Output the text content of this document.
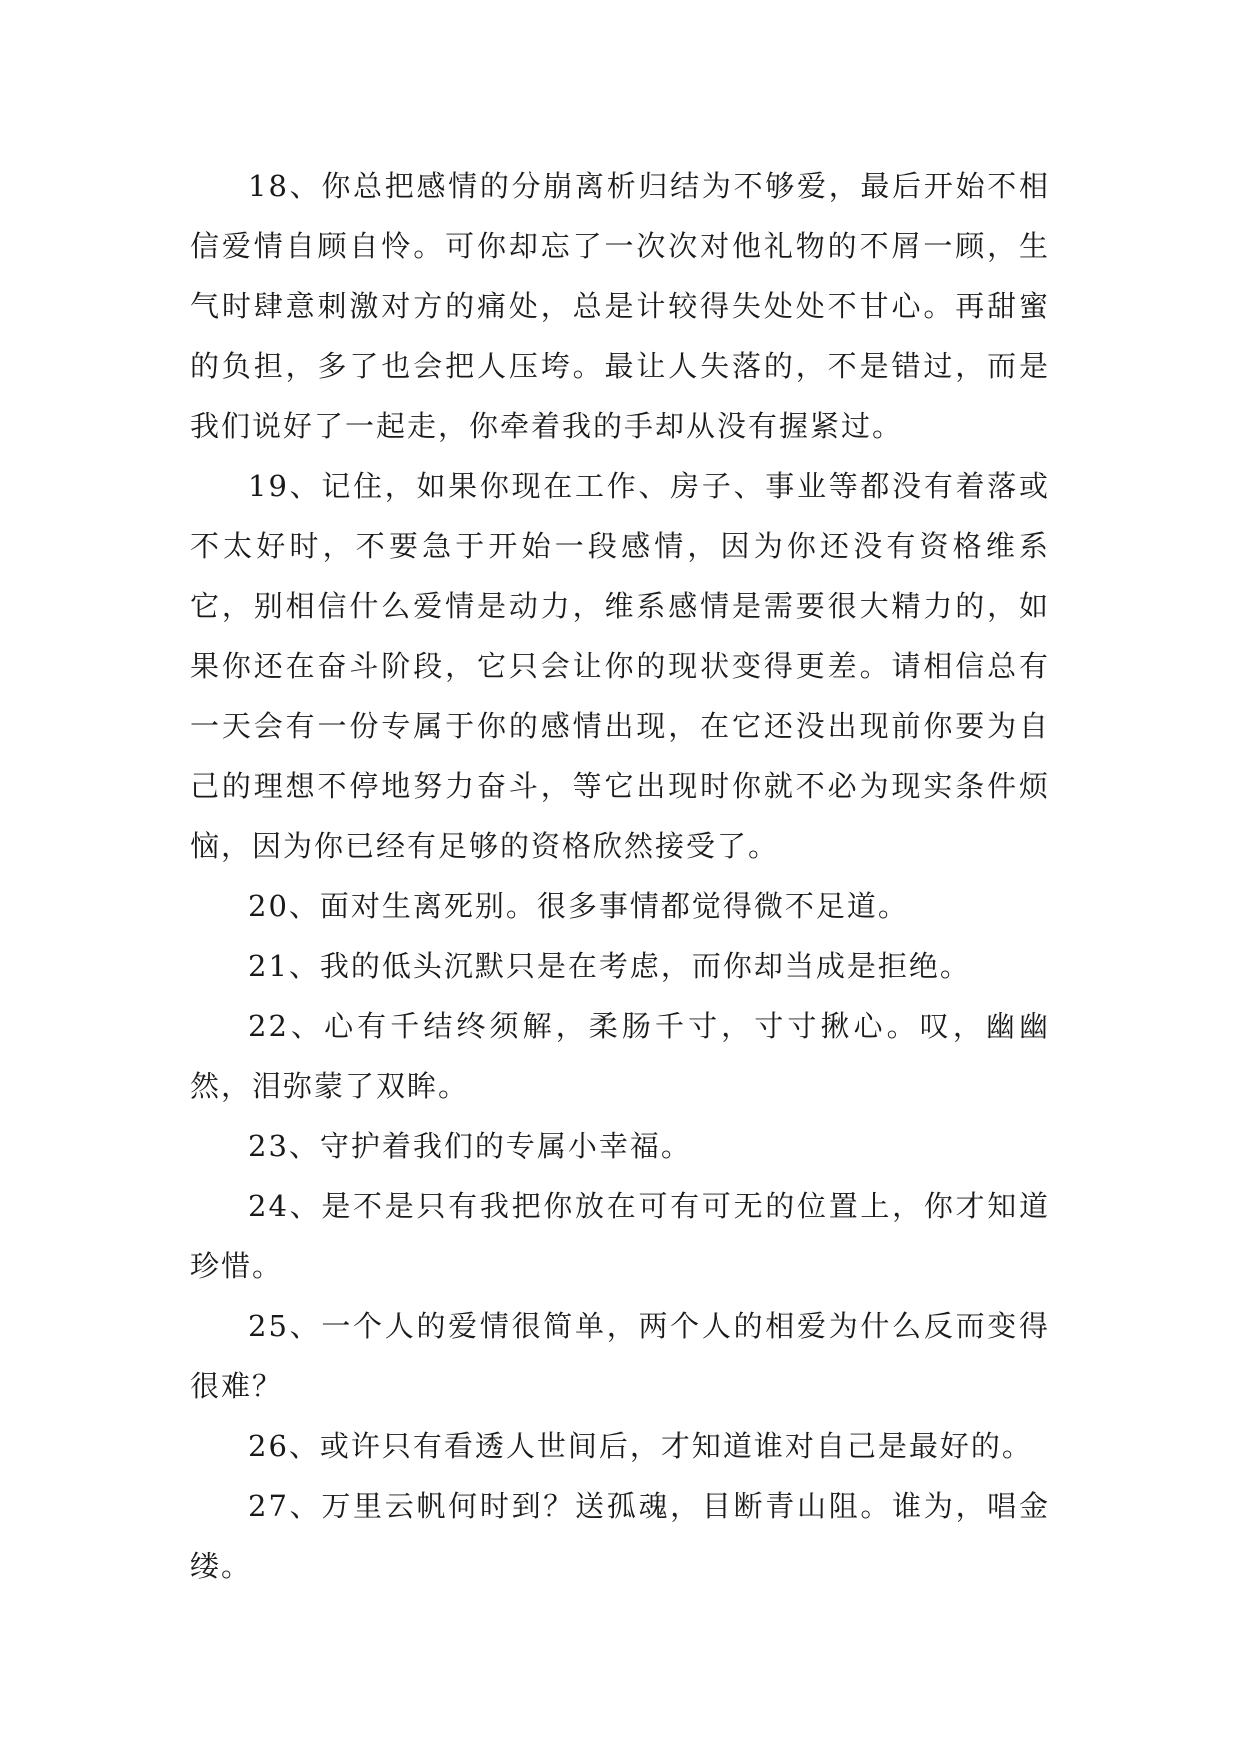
18、你总把感情的分崩离析归结为不够爱，最后开始不相信爱情自顾自怜。可你却忘了一次次对他礼物的不屑一顾，生气时肆意刺激对方的痛处，总是计较得失处处不甘心。再甜蜜的负担，多了也会把人压垮。最让人失落的，不是错过，而是我们说好了一起走，你牵着我的手却从没有握紧过。

19、记住，如果你现在工作、房子、事业等都没有着落或不太好时，不要急于开始一段感情，因为你还没有资格维系它，别相信什么爱情是动力，维系感情是需要很大精力的，如果你还在奋斗阶段，它只会让你的现状变得更差。请相信总有一天会有一份专属于你的感情出现，在它还没出现前你要为自己的理想不停地努力奋斗，等它出现时你就不必为现实条件烦恼，因为你已经有足够的资格欣然接受了。

20、面对生离死别。很多事情都觉得微不足道。

21、我的低头沉默只是在考虑，而你却当成是拒绝。

22、心有千结终须解，柔肠千寸，寸寸揪心。叹，幽幽然，泪弥蒙了双眸。

23、守护着我们的专属小幸福。

24、是不是只有我把你放在可有可无的位置上，你才知道珍惜。

25、一个人的爱情很简单，两个人的相爱为什么反而变得很难？

26、或许只有看透人世间后，才知道谁对自己是最好的。

27、万里云帆何时到？送孤魂，目断青山阻。谁为，唱金缕。
